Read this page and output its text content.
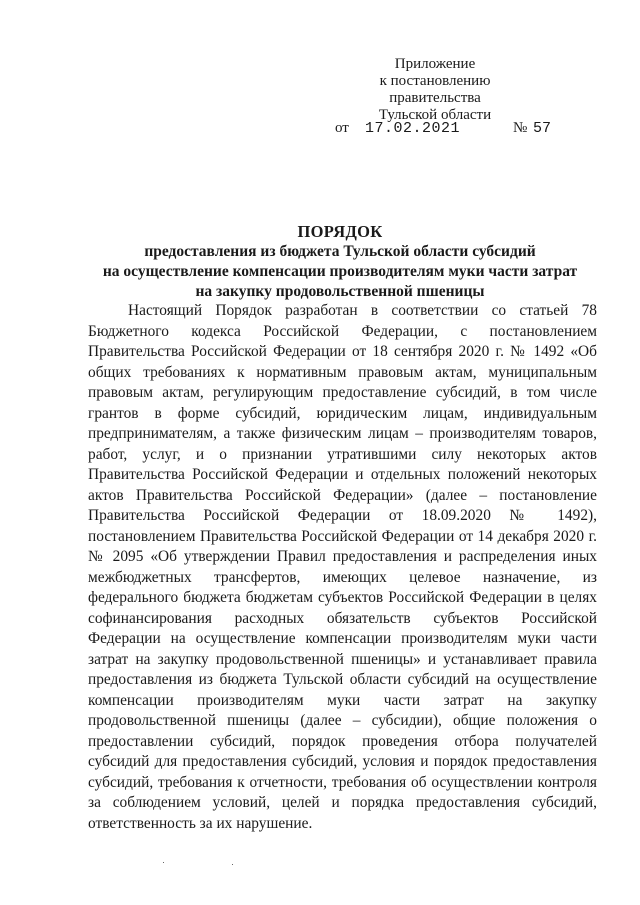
Приложение
к постановлению правительства
Тульской области
от 17.02.2021	№ 57
ПОРЯДОК
предоставления из бюджета Тульской области субсидий
на осуществление компенсации производителям муки части затрат
на закупку продовольственной пшеницы
Настоящий Порядок разработан в соответствии со статьей 78 Бюджетного кодекса Российской Федерации, с постановлением Правительства Российской Федерации от 18 сентября 2020 г. № 1492 «Об общих требованиях к нормативным правовым актам, муниципальным правовым актам, регулирующим предоставление субсидий, в том числе грантов в форме субсидий, юридическим лицам, индивидуальным предпринимателям, а также физическим лицам – производителям товаров, работ, услуг, и о признании утратившими силу некоторых актов Правительства Российской Федерации и отдельных положений некоторых актов Правительства Российской Федерации» (далее – постановление Правительства Российской Федерации от 18.09.2020 № 1492), постановлением Правительства Российской Федерации от 14 декабря 2020 г. № 2095 «Об утверждении Правил предоставления и распределения иных межбюджетных трансфертов, имеющих целевое назначение, из федерального бюджета бюджетам субъектов Российской Федерации в целях софинансирования расходных обязательств субъектов Российской Федерации на осуществление компенсации производителям муки части затрат на закупку продовольственной пшеницы» и устанавливает правила предоставления из бюджета Тульской области субсидий на осуществление компенсации производителям муки части затрат на закупку продовольственной пшеницы (далее – субсидии), общие положения о предоставлении субсидий, порядок проведения отбора получателей субсидий для предоставления субсидий, условия и порядок предоставления субсидий, требования к отчетности, требования об осуществлении контроля за соблюдением условий, целей и порядка предоставления субсидий, ответственность за их нарушение.
